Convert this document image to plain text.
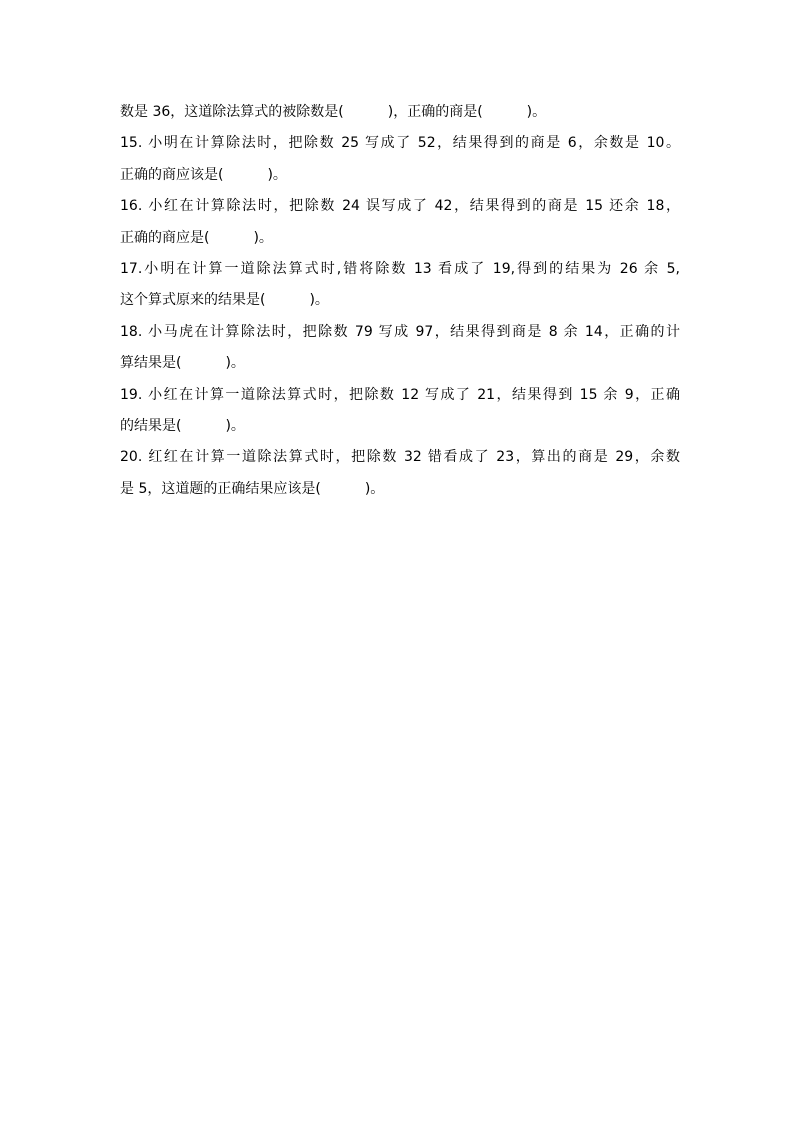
数是 36，这道除法算式的被除数是(	)，正确的商是(	)。
15. 小明在计算除法时，把除数 25 写成了 52，结果得到的商是 6，余数是 10。
正确的商应该是(	)。
16. 小红在计算除法时，把除数 24 误写成了 42，结果得到的商是 15 还余 18，
正确的商应是(	)。
17.小明在计算一道除法算式时,错将除数 13 看成了 19,得到的结果为 26 余 5,
这个算式原来的结果是(	)。
18. 小马虎在计算除法时，把除数 79 写成 97，结果得到商是 8 余 14，正确的计
算结果是(	)。
19. 小红在计算一道除法算式时，把除数 12 写成了 21，结果得到 15 余 9，正确
的结果是(	)。
20. 红红在计算一道除法算式时，把除数 32 错看成了 23，算出的商是 29，余数
是 5，这道题的正确结果应该是(	)。
